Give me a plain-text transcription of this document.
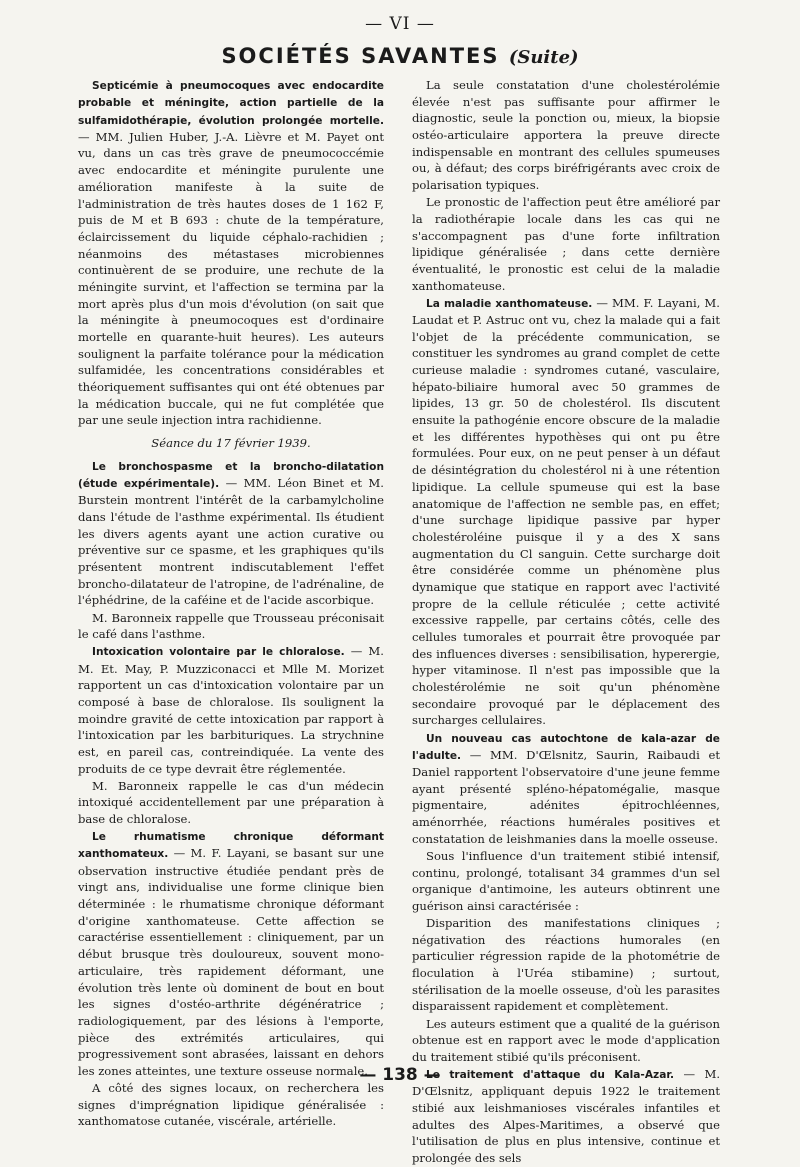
— VI —
SOCIÉTÉS SAVANTES (Suite)

Septicémie à pneumocoques avec endocardite probable et méningite, action partielle de la sulfamidothérapie, évolution prolongée mortelle. — MM. Julien Huber, J.-A. Lièvre et M. Payet ont vu, dans un cas très grave de pneumococcémie avec endocardite et méningite purulente une amélioration manifeste à la suite de l'administration de très hautes doses de 1 162 F, puis de M et B 693 : chute de la température, éclaircissement du liquide céphalo-rachidien ; néanmoins des métastases microbiennes continuèrent de se produire, une rechute de la méningite survint, et l'affection se termina par la mort après plus d'un mois d'évolution (on sait que la méningite à pneumocoques est d'ordinaire mortelle en quarante-huit heures). Les auteurs soulignent la parfaite tolérance pour la médication sulfamidée, les concentrations considérables et théoriquement suffisantes qui ont été obtenues par la médication buccale, qui ne fut complétée que par une seule injection intra rachidienne.

Séance du 17 février 1939.

Le bronchospasme et la broncho-dilatation (étude expérimentale). — MM. Léon Binet et M. Burstein montrent l'intérêt de la carbamylcholine dans l'étude de l'asthme expérimental. Ils étudient les divers agents ayant une action curative ou préventive sur ce spasme, et les graphiques qu'ils présentent montrent indiscutablement l'effet broncho-dilatateur de l'atropine, de l'adrénaline, de l'éphédrine, de la caféine et de l'acide ascorbique.

M. Baronneix rappelle que Trousseau préconisait le café dans l'asthme.

Intoxication volontaire par le chloralose. — M. M. Et. May, P. Muzziconacci et Mlle M. Morizet rapportent un cas d'intoxication volontaire par un composé à base de chloralose. Ils soulignent la moindre gravité de cette intoxication par rapport à l'intoxication par les barbituriques. La strychnine est, en pareil cas, contreindiquée. La vente des produits de ce type devrait être réglementée.

M. Baronneix rappelle le cas d'un médecin intoxiqué accidentellement par une préparation à base de chloralose.

Le rhumatisme chronique déformant xanthomateux. — M. F. Layani, se basant sur une observation instructive étudiée pendant près de vingt ans, individualise une forme clinique bien déterminée : le rhumatisme chronique déformant d'origine xanthomateuse. Cette affection se caractérise essentiellement : cliniquement, par un début brusque très douloureux, souvent mono-articulaire, très rapidement déformant, une évolution très lente où dominent de bout en bout les signes d'ostéo-arthrite dégénératrice ; radiologiquement, par des lésions à l'emporte, pièce des extrémités articulaires, qui progressivement sont abrasées, laissant en dehors les zones atteintes, une texture osseuse normale.

A côté des signes locaux, on recherchera les signes d'imprégnation lipidique généralisée : xanthomatose cutanée, viscérale, artérielle.

La seule constatation d'une cholestérolémie élevée n'est pas suffisante pour affirmer le diagnostic, seule la ponction ou, mieux, la biopsie ostéo-articulaire apportera la preuve directe indispensable en montrant des cellules spumeuses ou, à défaut; des corps biréfrigérants avec croix de polarisation typiques.

Le pronostic de l'affection peut être amélioré par la radiothérapie locale dans les cas qui ne s'accompagnent pas d'une forte infiltration lipidique généralisée ; dans cette dernière éventualité, le pronostic est celui de la maladie xanthomateuse.

La maladie xanthomateuse. — MM. F. Layani, M. Laudat et P. Astruc ont vu, chez la malade qui a fait l'objet de la précédente communication, se constituer les syndromes au grand complet de cette curieuse maladie : syndromes cutané, vasculaire, hépato-biliaire humoral avec 50 grammes de lipides, 13 gr. 50 de cholestérol. Ils discutent ensuite la pathogénie encore obscure de la maladie et les différentes hypothèses qui ont pu être formulées. Pour eux, on ne peut penser à un défaut de désintégration du cholestérol ni à une rétention lipidique. La cellule spumeuse qui est la base anatomique de l'affection ne semble pas, en effet; d'une surchage lipidique passive par hyper cholestéroléine puisque il y a des X sans augmentation du Cl sanguin. Cette surcharge doit être considérée comme un phénomène plus dynamique que statique en rapport avec l'activité propre de la cellule réticulée ; cette activité excessive rappelle, par certains côtés, celle des cellules tumorales et pourrait être provoquée par des influences diverses : sensibilisation, hyperergie, hyper vitaminose. Il n'est pas impossible que la cholestérolémie ne soit qu'un phénomène secondaire provoqué par le déplacement des surcharges cellulaires.

Un nouveau cas autochtone de kala-azar de l'adulte. — MM. D'Œlsnitz, Saurin, Raibaudi et Daniel rapportent l'observatoire d'une jeune femme ayant présenté spléno-hépatomégalie, masque pigmentaire, adénites épitrochléennes, aménorrhée, réactions humérales positives et constatation de leishmanies dans la moelle osseuse.

Sous l'influence d'un traitement stibié intensif, continu, prolongé, totalisant 34 grammes d'un sel organique d'antimoine, les auteurs obtinrent une guérison ainsi caractérisée :

Disparition des manifestations cliniques ; négativation des réactions humorales (en particulier régression rapide de la photométrie de floculation à l'Uréa stibamine) ; surtout, stérilisation de la moelle osseuse, d'où les parasites disparaissent rapidement et complètement.

Les auteurs estiment que a qualité de la guérison obtenue est en rapport avec le mode d'application du traitement stibié qu'ils préconisent.

Le traitement d'attaque du Kala-Azar. — M. D'Œlsnitz, appliquant depuis 1922 le traitement stibié aux leishmanioses viscérales infantiles et adultes des Alpes-Maritimes, a observé que l'utilisation de plus en plus intensive, continue et prolongée des sels

— 138 —
